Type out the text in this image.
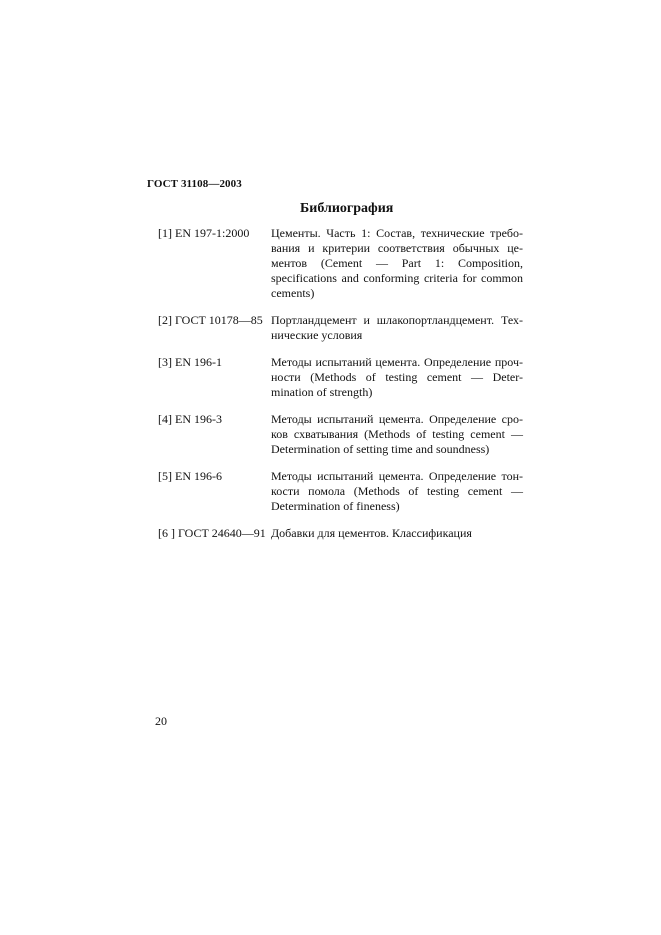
ГОСТ 31108—2003
Библиография
[1] EN 197-1:2000	Цементы. Часть 1: Состав, технические требо-
вания и критерии соответствия обычных це-
ментов (Cement — Part 1: Composition,
specifications and conforming criteria for common
cements)
[2] ГОСТ 10178—85 Портландцемент и шлакопортландцемент. Тех-
нические условия
[3] EN 196-1	Методы испытаний цемента. Определение проч-
ности (Methods of testing cement — Deter-
mination of strength)
[4] EN 196-3	Методы испытаний цемента. Определение сро-
ков схватывания (Methods of testing cement —
Determination of setting time and soundness)
[5] EN 196-6	Методы испытаний цемента. Определение тон-
кости помола (Methods of testing cement —
Determination of fineness)
[6 ] ГОСТ 24640—91 Добавки для цементов. Классификация
20
